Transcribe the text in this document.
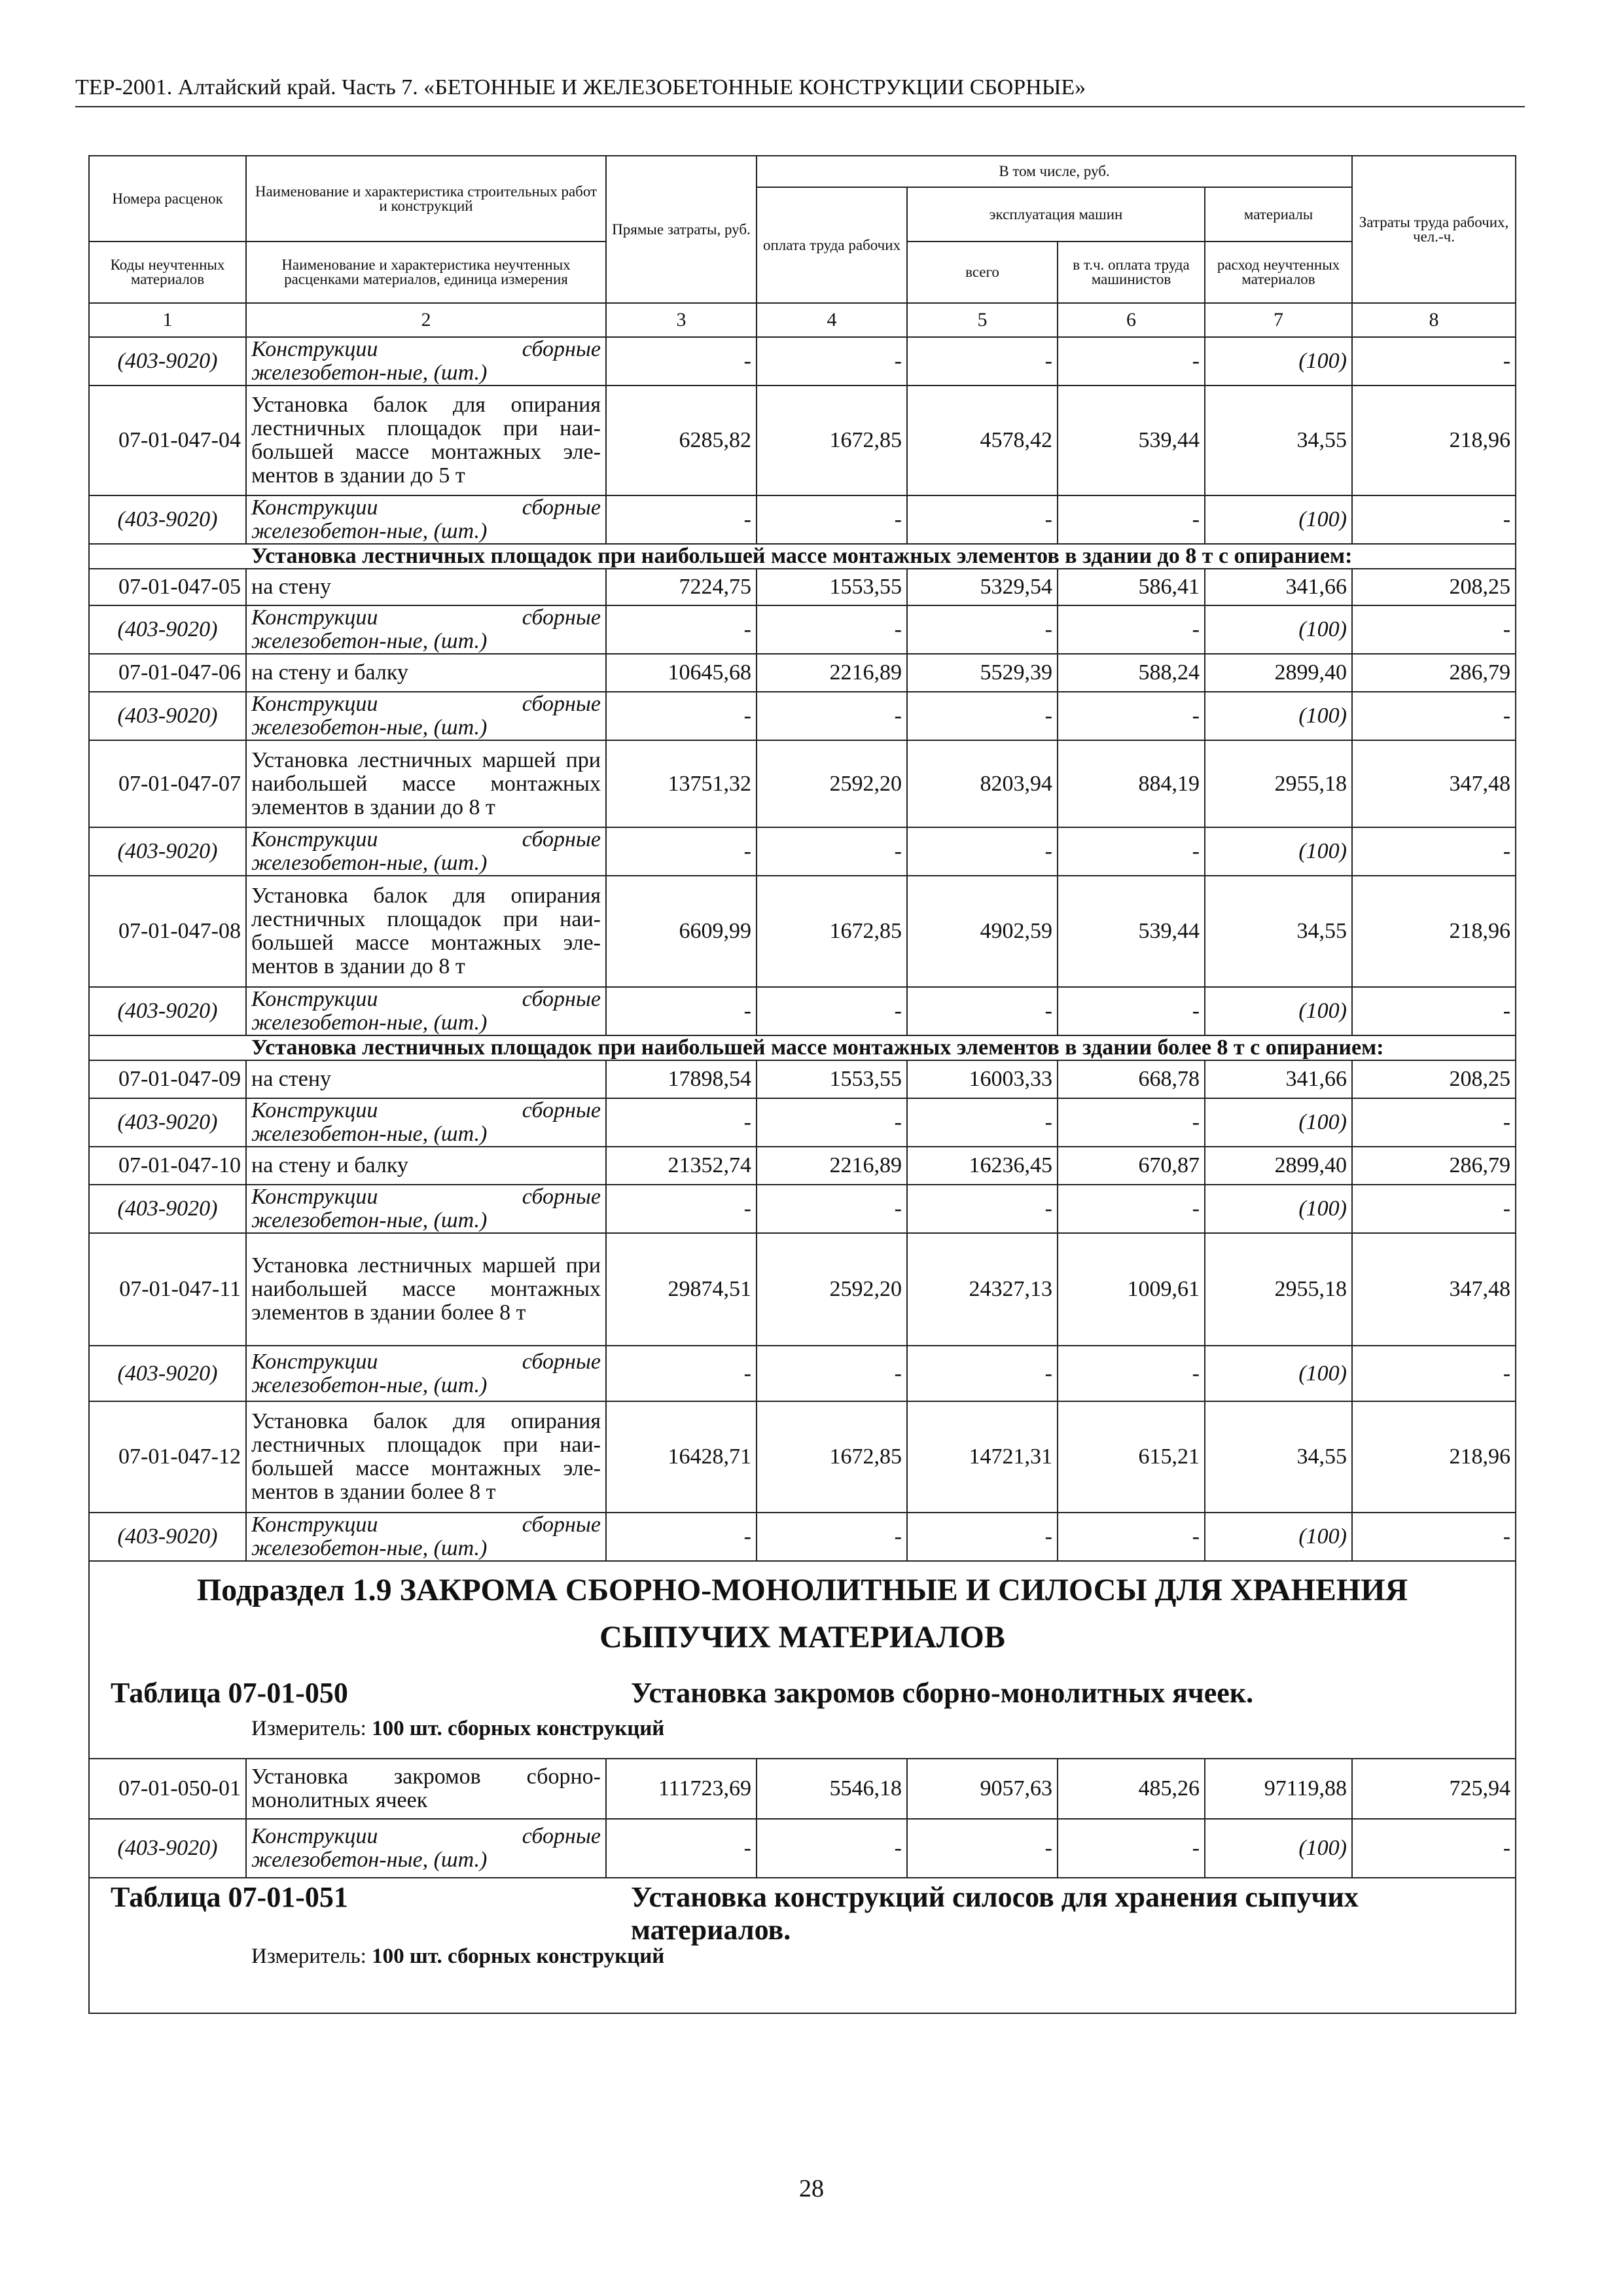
ТЕР-2001. Алтайский край. Часть 7. «БЕТОННЫЕ И ЖЕЛЕЗОБЕТОННЫЕ КОНСТРУКЦИИ СБОРНЫЕ»
Номера расценок	Наименование и характеристика строительных работ и конструкций	Прямые затраты, руб.	В том числе, руб.				Затраты труда рабочих, чел.-ч.
			оплата труда рабочих	эксплуатация машин		материалы	
Коды неучтенных материалов	Наименование и характеристика неучтенных расценками материалов, единица измерения			всего	в т.ч. оплата труда машинистов	расход неучтенных материалов	
1	2	3	4	5	6	7	8
(403-9020)	Конструкции сборные железобетон-ные, (шт.)	-	-	-	-	(100)	-
07-01-047-04	Установка балок для опирания лестничных площадок при наибольшей массе монтажных элементов в здании до 5 т	6285,82	1672,85	4578,42	539,44	34,55	218,96
(403-9020)	Конструкции сборные железобетон-ные, (шт.)	-	-	-	-	(100)	-

Установка лестничных площадок при наибольшей массе монтажных элементов в здании до 8 т с опиранием:							

07-01-047-05	на стену	7224,75	1553,55	5329,54	586,41	341,66	208,25
(403-9020)	Конструкции сборные железобетон-ные, (шт.)	-	-	-	-	(100)	-
07-01-047-06	на стену и балку	10645,68	2216,89	5529,39	588,24	2899,40	286,79
(403-9020)	Конструкции сборные железобетон-ные, (шт.)	-	-	-	-	(100)	-
07-01-047-07	Установка лестничных маршей при наибольшей массе монтажных элементов в здании до 8 т	13751,32	2592,20	8203,94	884,19	2955,18	347,48
(403-9020)	Конструкции сборные железобетон-ные, (шт.)	-	-	-	-	(100)	-
07-01-047-08	Установка балок для опирания лестничных площадок при наибольшей массе монтажных элементов в здании до 8 т	6609,99	1672,85	4902,59	539,44	34,55	218,96
(403-9020)	Конструкции сборные железобетон-ные, (шт.)	-	-	-	-	(100)	-

Установка лестничных площадок при наибольшей массе монтажных элементов в здании более 8 т с опиранием:							

07-01-047-09	на стену	17898,54	1553,55	16003,33	668,78	341,66	208,25
(403-9020)	Конструкции сборные железобетон-ные, (шт.)	-	-	-	-	(100)	-
07-01-047-10	на стену и балку	21352,74	2216,89	16236,45	670,87	2899,40	286,79
(403-9020)	Конструкции сборные железобетон-ные, (шт.)	-	-	-	-	(100)	-
07-01-047-11	Установка лестничных маршей при наибольшей массе монтажных элементов в здании более 8 т	29874,51	2592,20	24327,13	1009,61	2955,18	347,48
(403-9020)	Конструкции сборные железобетон-ные, (шт.)	-	-	-	-	(100)	-
07-01-047-12	Установка балок для опирания лестничных площадок при наибольшей массе монтажных элементов в здании более 8 т	16428,71	1672,85	14721,31	615,21	34,55	218,96
(403-9020)	Конструкции сборные железобетон-ные, (шт.)	-	-	-	-	(100)	-

Подраздел 1.9 ЗАКРОМА СБОРНО-МОНОЛИТНЫЕ И СИЛОСЫ ДЛЯ ХРАНЕНИЯ СЫПУЧИХ МАТЕРИАЛОВ
Таблица 07-01-050 Установка закромов сборно-монолитных ячеек.
Измеритель: 100 шт. сборных конструкций							

07-01-050-01	Установка закромов сборно-монолитных ячеек	111723,69	5546,18	9057,63	485,26	97119,88	725,94
(403-9020)	Конструкции сборные железобетон-ные, (шт.)	-	-	-	-	(100)	-

Таблица 07-01-051 Установка конструкций силосов для хранения сыпучих материалов.
Измеритель: 100 шт. сборных конструкций							
28
